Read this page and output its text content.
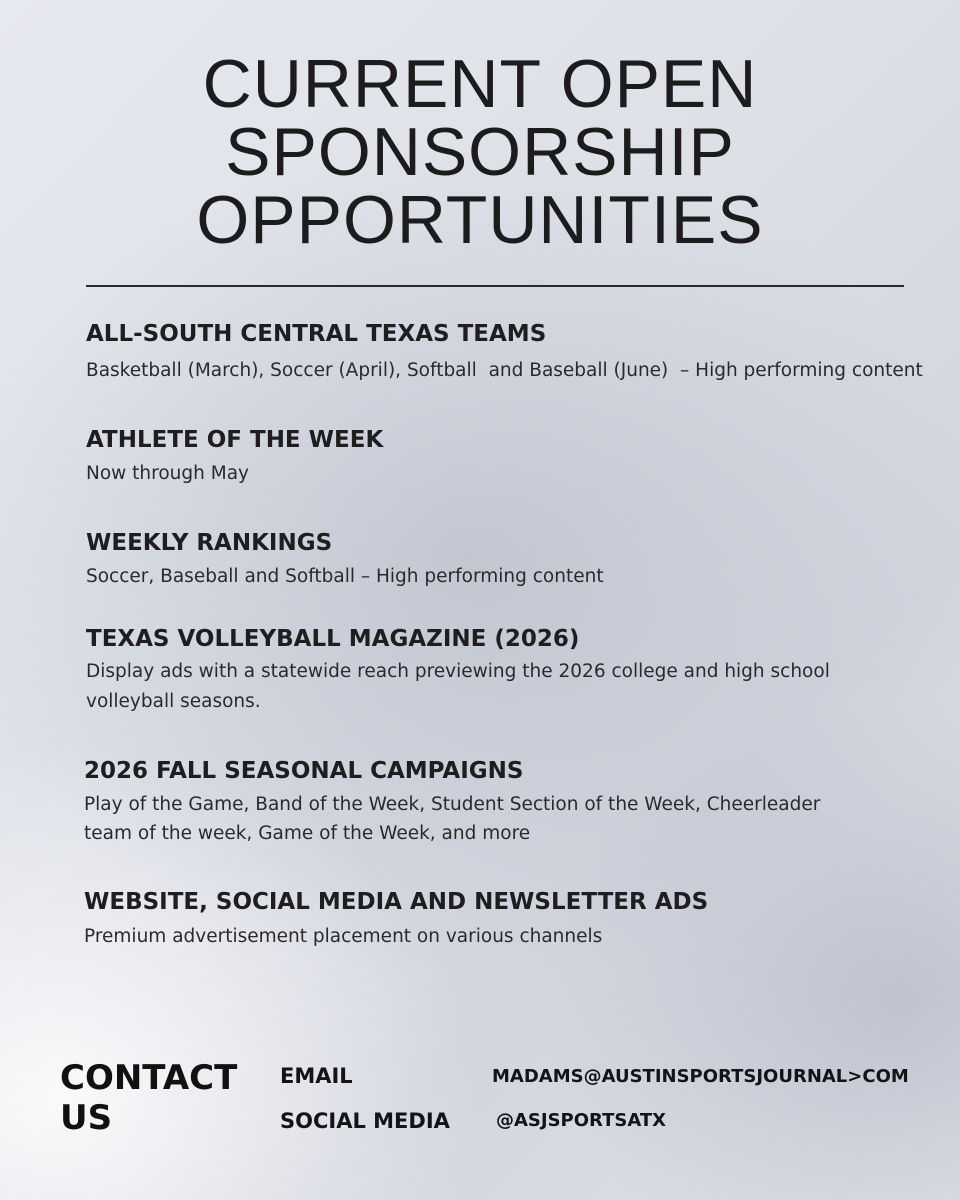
CURRENT OPEN
SPONSORSHIP
OPPORTUNITIES
ALL-SOUTH CENTRAL TEXAS TEAMS

Basketball (March), Soccer (April), Softball  and Baseball (June)  – High performing content

ATHLETE OF THE WEEK

Now through May

WEEKLY RANKINGS

Soccer, Baseball and Softball – High performing content

TEXAS VOLLEYBALL MAGAZINE (2026)

Display ads with a statewide reach previewing the 2026 college and high school

volleyball seasons.

2026 FALL SEASONAL CAMPAIGNS

Play of the Game, Band of the Week, Student Section of the Week, Cheerleader

team of the week, Game of the Week, and more

WEBSITE, SOCIAL MEDIA AND NEWSLETTER ADS

Premium advertisement placement on various channels

CONTACT
US

EMAIL	MADAMS@AUSTINSPORTSJOURNAL>COM

SOCIAL MEDIA	@ASJSPORTSATX
